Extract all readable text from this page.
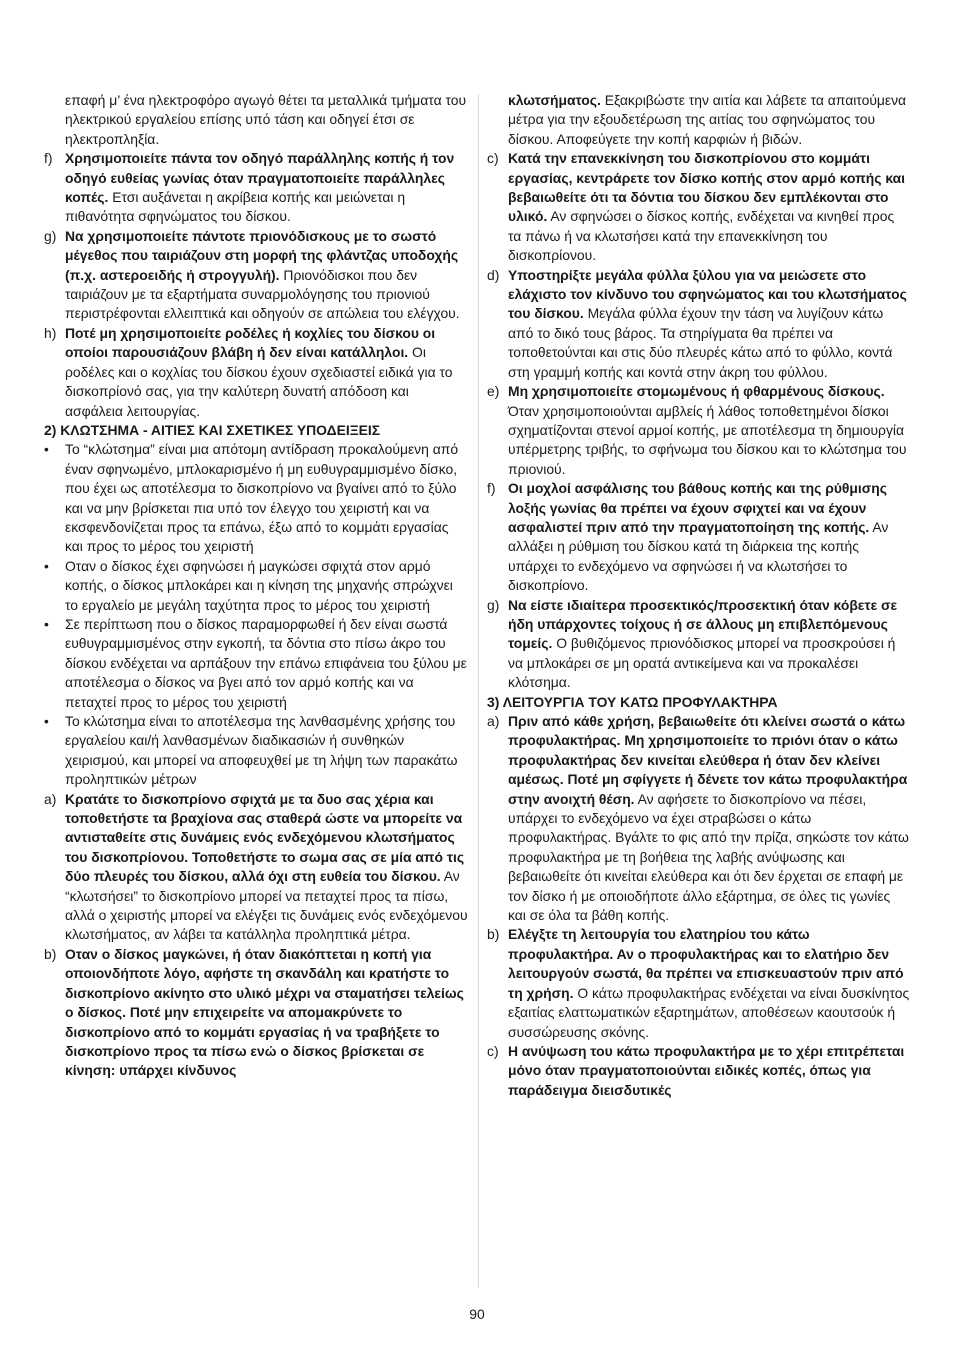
επαφή μ’ ένα ηλεκτροφόρο αγωγό θέτει τα μεταλλικά τμήματα του ηλεκτρικού εργαλείου επίσης υπό τάση και οδηγεί έτσι σε ηλεκτροπληξία.

f) Χρησιμοποιείτε πάντα τον οδηγό παράλληλης κοπής ή τον οδηγό ευθείας γωνίας όταν πραγματοποιείτε παράλληλες κοπές. Ετσι αυξάνεται η ακρίβεια κοπής και μειώνεται η πιθανότητα σφηνώματος του δίσκου.

g) Να χρησιμοποιείτε πάντοτε πριονόδισκους με το σωστό μέγεθος που ταιριάζουν στη μορφή της φλάντζας υποδοχής (π.χ. αστεροειδής ή στρογγυλή). Πριονόδισκοι που δεν ταιριάζουν με τα εξαρτήματα συναρμολόγησης του πριονιού περιστρέφονται ελλειπτικά και οδηγούν σε απώλεια του ελέγχου.

h) Ποτέ μη χρησιμοποιείτε ροδέλες ή κοχλίες του δίσκου οι οποίοι παρουσιάζουν βλάβη ή δεν είναι κατάλληλοι. Οι ροδέλες και ο κοχλίας του δίσκου έχουν σχεδιαστεί ειδικά για το δισκοπρίονό σας, για την καλύτερη δυνατή απόδοση και ασφάλεια λειτουργίας.

2) ΚΛΩΤΣΗΜΑ - ΑΙΤΙΕΣ ΚΑΙ ΣΧΕΤΙΚΕΣ ΥΠΟΔΕΙΞΕΙΣ

• Το “κλώτσημα” είναι μια απότομη αντίδραση προκαλούμενη από έναν σφηνωμένο, μπλοκαρισμένο ή μη ευθυγραμμισμένο δίσκο, που έχει ως αποτέλεσμα το δισκοπρίονο να βγαίνει από το ξύλο και να μην βρίσκεται πια υπό τον έλεγχο του χειριστή και να εκσφενδονίζεται προς τα επάνω, έξω από το κομμάτι εργασίας και προς το μέρος του χειριστή

• Οταν ο δίσκος έχει σφηνώσει ή μαγκώσει σφιχτά στον αρμό κοπής, ο δίσκος μπλοκάρει και η κίνηση της μηχανής σπρώχνει το εργαλείο με μεγάλη ταχύτητα προς το μέρος του χειριστή

• Σε περίπτωση που ο δίσκος παραμορφωθεί ή δεν είναι σωστά ευθυγραμμισμένος στην εγκοπή, τα δόντια στο πίσω άκρο του δίσκου ενδέχεται να αρπάξουν την επάνω επιφάνεια του ξύλου με αποτέλεσμα ο δίσκος να βγει από τον αρμό κοπής και να πεταχτεί προς το μέρος του χειριστή

• Το κλώτσημα είναι το αποτέλεσμα της λανθασμένης χρήσης του εργαλείου και/ή λανθασμένων διαδικασιών ή συνθηκών χειρισμού, και μπορεί να αποφευχθεί με τη λήψη των παρακάτω προληπτικών μέτρων

a) Κρατάτε το δισκοπρίονο σφιχτά με τα δυο σας χέρια και τοποθετήστε τα βραχίονα σας σταθερά ώστε να μπορείτε να αντισταθείτε στις δυνάμεις ενός ενδεχόμενου κλωτσήματος του δισκοπρίονου. Τοποθετήστε το σωμα σας σε μία από τις δύο πλευρές του δίσκου, αλλά όχι στη ευθεία του δίσκου. Αν “κλωτσήσει” το δισκοπρίονο μπορεί να πεταχτεί προς τα πίσω, αλλά ο χειριστής μπορεί να ελέγξει τις δυνάμεις ενός ενδεχόμενου κλωτσήματος, αν λάβει τα κατάλληλα προληπτικά μέτρα.

b) Οταν ο δίσκος μαγκώνει, ή όταν διακόπτεται η κοπή για οποιονδήποτε λόγο, αφήστε τη σκανδάλη και κρατήστε το δισκοπρίονο ακίνητο στο υλικό μέχρι να σταματήσει τελείως ο δίσκος. Ποτέ μην επιχειρείτε να απομακρύνετε το δισκοπρίονο από το κομμάτι εργασίας ή να τραβήξετε το δισκοπρίονο προς τα πίσω ενώ ο δίσκος βρίσκεται σε κίνηση: υπάρχει κίνδυνος

κλωτσήματος. Εξακριβώστε την αιτία και λάβετε τα απαιτούμενα μέτρα για την εξουδετέρωση της αιτίας του σφηνώματος του δίσκου. Αποφεύγετε την κοπή καρφιών ή βιδών.

c) Κατά την επανεκκίνηση του δισκοπρίονου στο κομμάτι εργασίας, κεντράρετε τον δίσκο κοπής στον αρμό κοπής και βεβαιωθείτε ότι τα δόντια του δίσκου δεν εμπλέκονται στο υλικό. Αν σφηνώσει ο δίσκος κοπής, ενδέχεται να κινηθεί προς τα πάνω ή να κλωτσήσει κατά την επανεκκίνηση του δισκοπρίονου.

d) Υποστηρίξτε μεγάλα φύλλα ξύλου για να μειώσετε στο ελάχιστο τον κίνδυνο του σφηνώματος και του κλωτσήματος του δίσκου. Μεγάλα φύλλα έχουν την τάση να λυγίζουν κάτω από το δικό τους βάρος. Τα στηρίγματα θα πρέπει να τοποθετούνται και στις δύο πλευρές κάτω από το φύλλο, κοντά στη γραμμή κοπής και κοντά στην άκρη του φύλλου.

e) Μη χρησιμοποιείτε στομωμένους ή φθαρμένους δίσκους. Όταν χρησιμοποιούνται αμβλείς ή λάθος τοποθετημένοι δίσκοι σχηματίζονται στενοί αρμοί κοπής, με αποτέλεσμα τη δημιουργία υπέρμετρης τριβής, το σφήνωμα του δίσκου και το κλώτσημα του πριονιού.

f) Οι μοχλοί ασφάλισης του βάθους κοπής και της ρύθμισης λοξής γωνίας θα πρέπει να έχουν σφιχτεί και να έχουν ασφαλιστεί πριν από την πραγματοποίηση της κοπής. Αν αλλάξει η ρύθμιση του δίσκου κατά τη διάρκεια της κοπής υπάρχει το ενδεχόμενο να σφηνώσει ή να κλωτσήσει το δισκοπρίονο.

g) Να είστε ιδιαίτερα προσεκτικός/προσεκτική όταν κόβετε σε ήδη υπάρχοντες τοίχους ή σε άλλους μη επιβλεπόμενους τομείς. Ο βυθιζόμενος πριονόδισκος μπορεί να προσκρούσει ή να μπλοκάρει σε μη ορατά αντικείμενα και να προκαλέσει κλότσημα.

3) ΛΕΙΤΟΥΡΓΙΑ ΤΟΥ ΚΑΤΩ ΠΡΟΦΥΛΑΚΤΗΡΑ

a) Πριν από κάθε χρήση, βεβαιωθείτε ότι κλείνει σωστά ο κάτω προφυλακτήρας. Μη χρησιμοποιείτε το πριόνι όταν ο κάτω προφυλακτήρας δεν κινείται ελεύθερα ή όταν δεν κλείνει αμέσως. Ποτέ μη σφίγγετε ή δένετε τον κάτω προφυλακτήρα στην ανοιχτή θέση. Αν αφήσετε το δισκοπρίονο να πέσει, υπάρχει το ενδεχόμενο να έχει στραβώσει ο κάτω προφυλακτήρας. Βγάλτε το φις από την πρίζα, σηκώστε τον κάτω προφυλακτήρα με τη βοήθεια της λαβής ανύψωσης και βεβαιωθείτε ότι κινείται ελεύθερα και ότι δεν έρχεται σε επαφή με τον δίσκο ή με οποιοδήποτε άλλο εξάρτημα, σε όλες τις γωνίες και σε όλα τα βάθη κοπής.

b) Ελέγξτε τη λειτουργία του ελατηρίου του κάτω προφυλακτήρα. Αν ο προφυλακτήρας και το ελατήριο δεν λειτουργούν σωστά, θα πρέπει να επισκευαστούν πριν από τη χρήση. Ο κάτω προφυλακτήρας ενδέχεται να είναι δυσκίνητος εξαιτίας ελαττωματικών εξαρτημάτων, αποθέσεων καουτσούκ ή συσσώρευσης σκόνης.

c) Η ανύψωση του κάτω προφυλακτήρα με το χέρι επιτρέπεται μόνο όταν πραγματοποιούνται ειδικές κοπές, όπως για παράδειγμα διεισδυτικές

90
